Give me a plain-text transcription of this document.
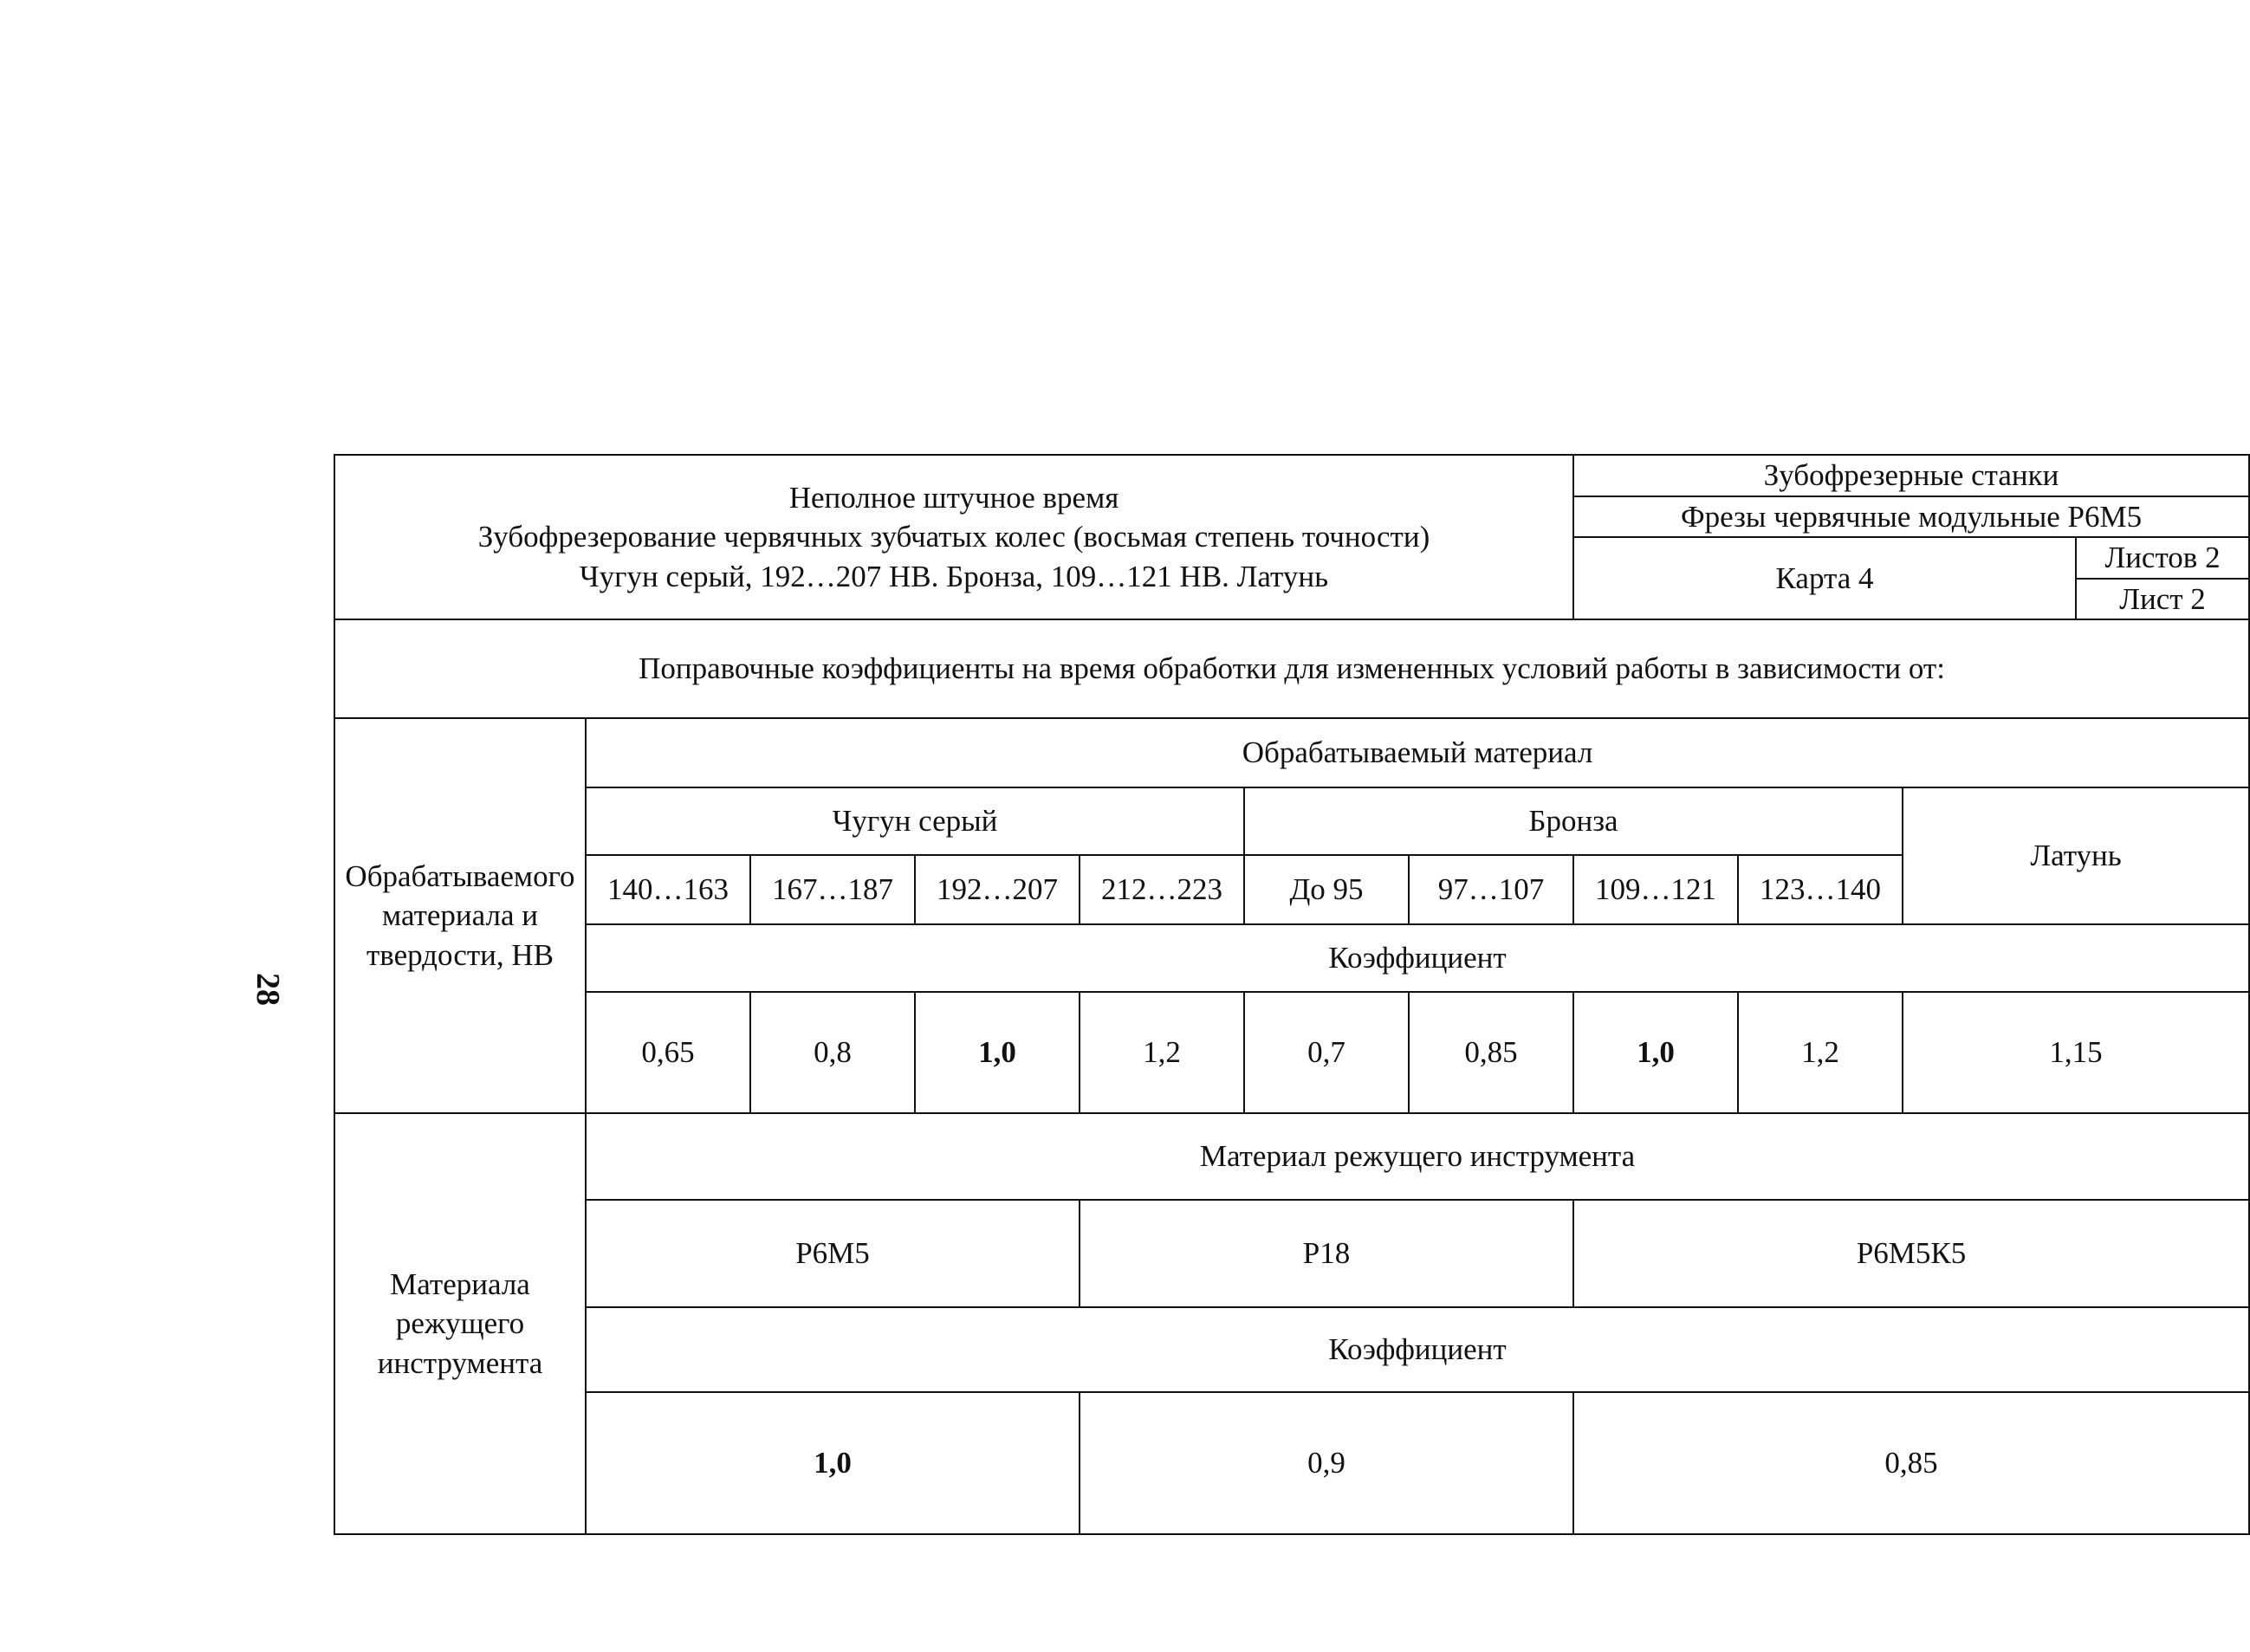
28
Неполное штучное время
Зубофрезерование червячных зубчатых колес (восьмая степень точности)
Чугун серый, 192…207 НВ. Бронза, 109…121 НВ. Латунь							Зубофрезерные станки			
							Фрезы червячные модульные Р6М5			
							Карта 4			Листов 2
										Лист 2
Поправочные коэффициенты на время обработки для измененных условий работы в зависимости от:										
Обрабатываемого материала и твердости, НВ	Обрабатываемый материал									
	Чугун серый				Бронза				Латунь	
	140…163	167…187	192…207	212…223	До 95	97…107	109…121	123…140		
	Коэффициент									
	0,65	0,8	1,0	1,2	0,7	0,85	1,0	1,2	1,15	
Материала режущего инструмента	Материал режущего инструмента									
	Р6М5			Р18			Р6М5К5			
	Коэффициент									
	1,0			0,9			0,85			
